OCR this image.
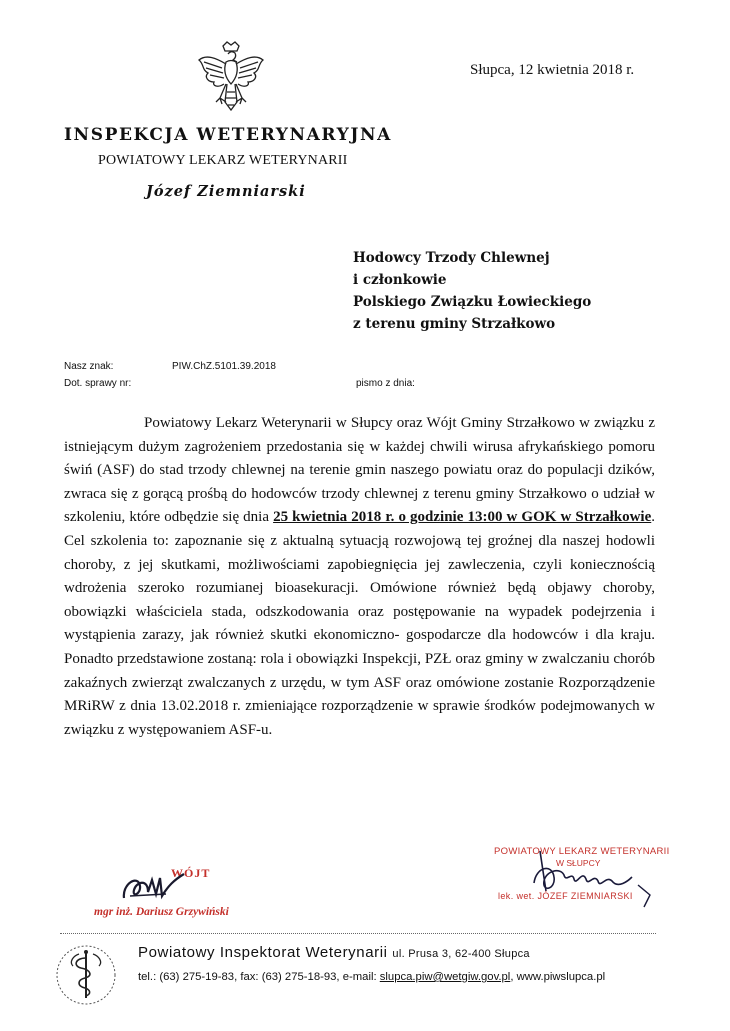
Słupca, 12 kwietnia 2018 r.
INSPEKCJA WETERYNARYJNA
POWIATOWY LEKARZ WETERYNARII
Józef Ziemniarski
Hodowcy Trzody Chlewnej
i członkowie
Polskiego Związku Łowieckiego
z terenu gminy Strzałkowo
Nasz znak:	PIW.ChZ.5101.39.2018
Dot. sprawy nr:	pismo z dnia:

Powiatowy Lekarz Weterynarii w Słupcy oraz Wójt Gminy Strzałkowo w związku z istniejącym dużym zagrożeniem przedostania się w każdej chwili wirusa afrykańskiego pomoru świń (ASF) do stad trzody chlewnej na terenie gmin naszego powiatu oraz do populacji dzików, zwraca się z gorącą prośbą do hodowców trzody chlewnej z terenu gminy Strzałkowo o udział w szkoleniu, które odbędzie się dnia 25 kwietnia 2018 r. o godzinie 13:00 w GOK w Strzałkowie. Cel szkolenia to: zapoznanie się z aktualną sytuacją rozwojową tej groźnej dla naszej hodowli choroby, z jej skutkami, możliwościami zapobiegnięcia jej zawleczenia, czyli koniecznością wdrożenia szeroko rozumianej bioasekuracji. Omówione również będą objawy choroby, obowiązki właściciela stada, odszkodowania oraz postępowanie na wypadek podejrzenia i wystąpienia zarazy, jak również skutki ekonomiczno- gospodarcze dla hodowców i dla kraju. Ponadto przedstawione zostaną: rola i obowiązki Inspekcji, PZŁ oraz gminy w zwalczaniu chorób zakaźnych zwierząt zwalczanych z urzędu, w tym ASF oraz omówione zostanie Rozporządzenie MRiRW z dnia 13.02.2018 r. zmieniające rozporządzenie w sprawie środków podejmowanych w związku z występowaniem ASF-u.

WÓJT
mgr inż. Dariusz Grzywiński
POWIATOWY LEKARZ WETERYNARII
W SŁUPCY
lek. wet. JÓZEF ZIEMNIARSKI
Powiatowy Inspektorat Weterynarii ul. Prusa 3, 62-400 Słupca
tel.: (63) 275-19-83, fax: (63) 275-18-93, e-mail: slupca.piw@wetgiw.gov.pl, www.piwslupca.pl
